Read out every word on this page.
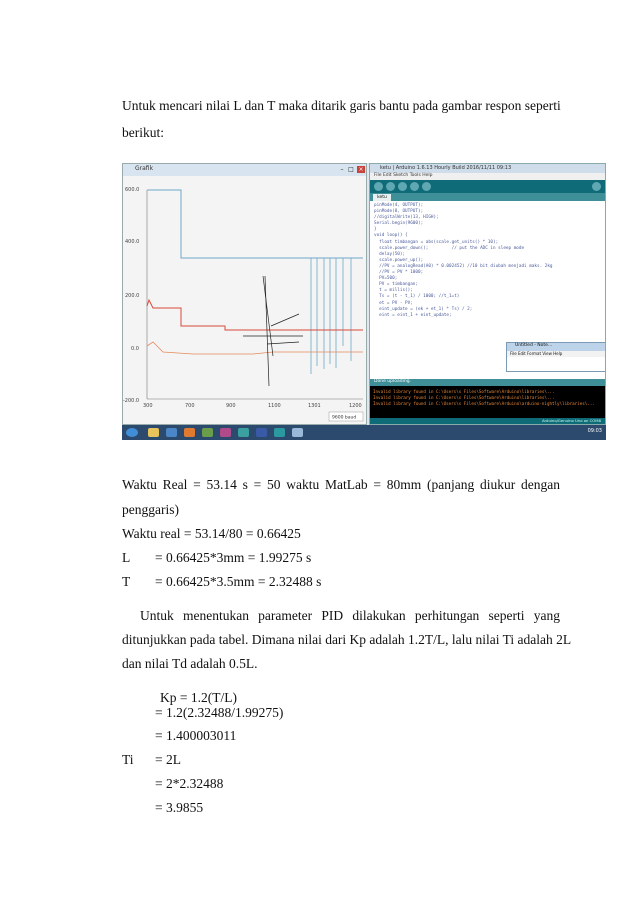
Untuk mencari nilai L dan T maka ditarik garis bantu pada gambar respon seperti
berikut:
Grafik	– □ ×
600.0
400.0
200.0
0.0
-200.0
300	700	900	1100	1301	1200
9600 baud
ketu | Arduino 1.6.13 Hourly Build 2016/11/11 09:13
File Edit Sketch Tools Help
ketu
pinMode(4, OUTPUT);
pinMode(8, OUTPUT);
//digitalWrite(13, HIGH);
Serial.begin(9600);
}
void loop() {
float timbangan = abs(scale.get_units() * 10);
scale.power_down();         // put the ADC in sleep mode
delay(50);
scale.power_up();
//PV = analogRead(A0) * 0.002452) //10 bit diubah menjadi maks. 2kg
//PV = PV * 1000;
PV=500;
PV = timbangan;
t = millis();
Ts = (t - t_1) / 1000; //t_1=t)
et = PV - PV;
eint_update = (ek + et_1) * Ts) / 2;
eint = eint_1 + eint_update;
Untitled - Note...
File Edit Format View Help
Done uploading.
Invalid library found in C:\Users\s Files\Software\Arduino\libraries\...
Invalid library found in C:\Users\s Files\Software\Arduino\libraries\...
Invalid library found in C:\Users\s Files\Software\Arduino\arduino-nightly\libraries\...
Arduino/Genuino Uno on COM8
09:03
Waktu Real = 53.14 s = 50 waktu MatLab = 80mm (panjang diukur dengan
penggaris)
Waktu real = 53.14/80 = 0.66425
L = 0.66425*3mm = 1.99275 s
T = 0.66425*3.5mm = 2.32488 s
Untuk menentukan parameter PID dilakukan perhitungan seperti yang
ditunjukkan pada tabel. Dimana nilai dari Kp adalah 1.2T/L, lalu nilai Ti adalah 2L
dan nilai Td adalah 0.5L.
Kp = 1.2(T/L)
= 1.2(2.32488/1.99275)
= 1.400003011
Ti = 2L
= 2*2.32488
= 3.9855
